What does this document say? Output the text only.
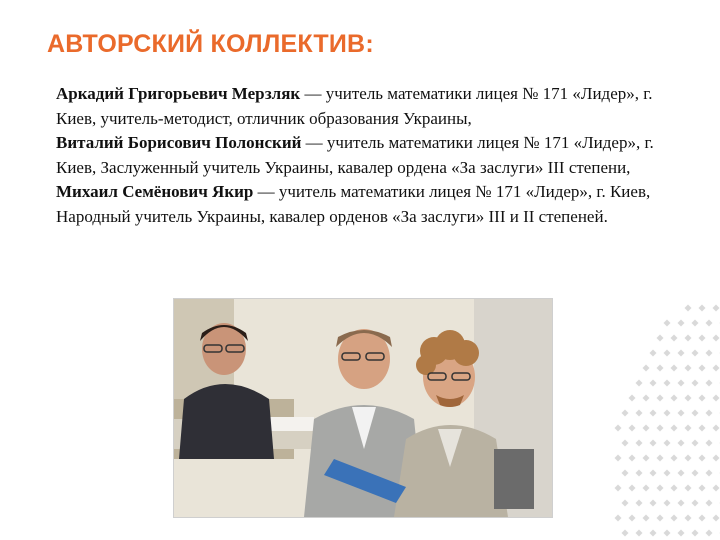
АВТОРСКИЙ КОЛЛЕКТИВ:

Аркадий Григорьевич Мерзляк — учитель математики лицея № 171 «Лидер», г. Киев, учитель-методист, отличник образования Украины,

Виталий Борисович Полонский — учитель математики лицея № 171 «Лидер», г. Киев, Заслуженный учитель Украины, кавалер ордена «За заслуги» III степени,

Михаил Семёнович Якир — учитель математики лицея № 171 «Лидер», г. Киев, Народный учитель Украины, кавалер орденов «За заслуги» III и II степеней.
